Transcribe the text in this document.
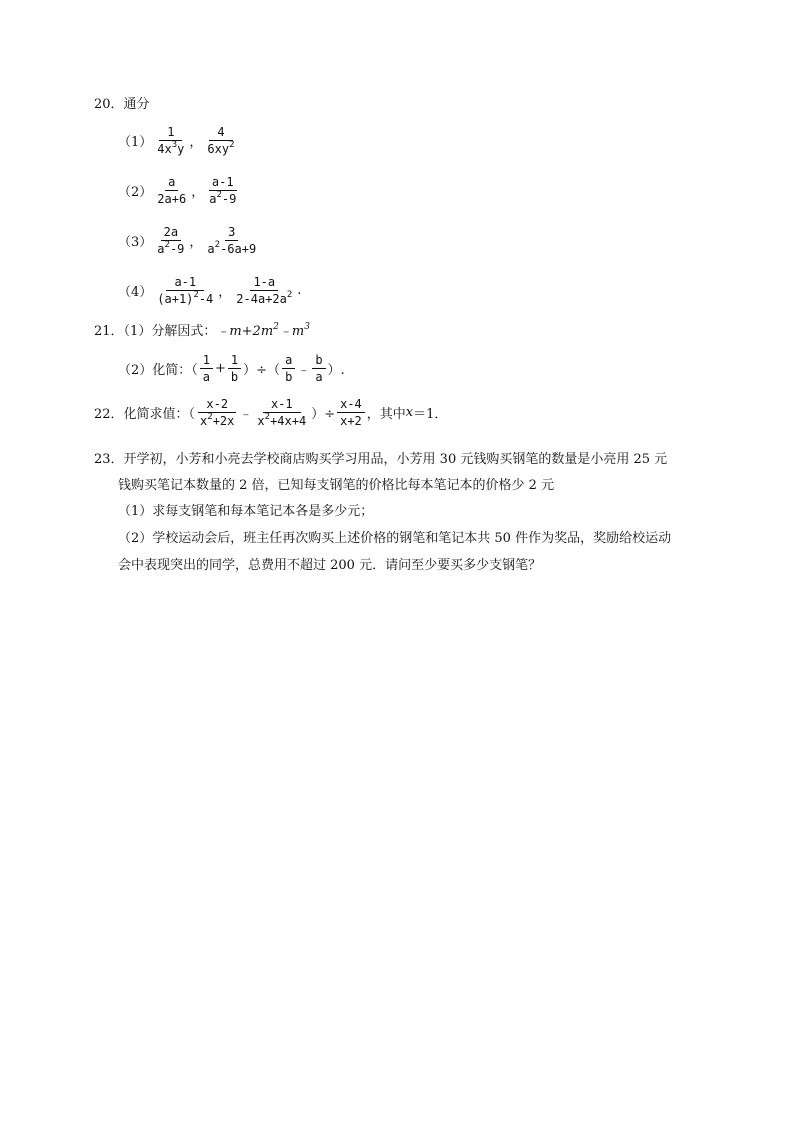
20．通分
$(1) \frac{1}{4x^3y}$ ， $\frac{4}{6xy^2}$
$(2) \frac{a}{2a+6}$ ， $\frac{a-1}{a^2-9}$
$(3) \frac{2a}{a^2-9}$ ， $\frac{3}{a^2-6a+9}$
$(4) \frac{a-1}{(a+1)^2-4}$ ， $\frac{1-a}{2-4a+2a^2}$ .
21．（1）分解因式： $﹣m+2m^2﹣m^3$
（2）化简：（ $\frac{1}{a} + \frac{1}{b}$ ）÷（ $\frac{a}{b}$ ﹣ $\frac{b}{a}$ ）.
22．化简求值：（ $\frac{x-2}{x^2+2x}$ ﹣ $\frac{x-1}{x^2+4x+4}$ ）÷ $\frac{x-4}{x+2}$ ，其中 x ＝1．
23．开学初，小芳和小亮去学校商店购买学习用品，小芳用 30 元钱购买钢笔的数量是小亮用 25 元
钱购买笔记本数量的 2 倍，已知每支钢笔的价格比每本笔记本的价格少 2 元
（1）求每支钢笔和每本笔记本各是多少元；
（2）学校运动会后，班主任再次购买上述价格的钢笔和笔记本共 50 件作为奖品，奖励给校运动
会中表现突出的同学，总费用不超过 200 元．请问至少要买多少支钢笔？
